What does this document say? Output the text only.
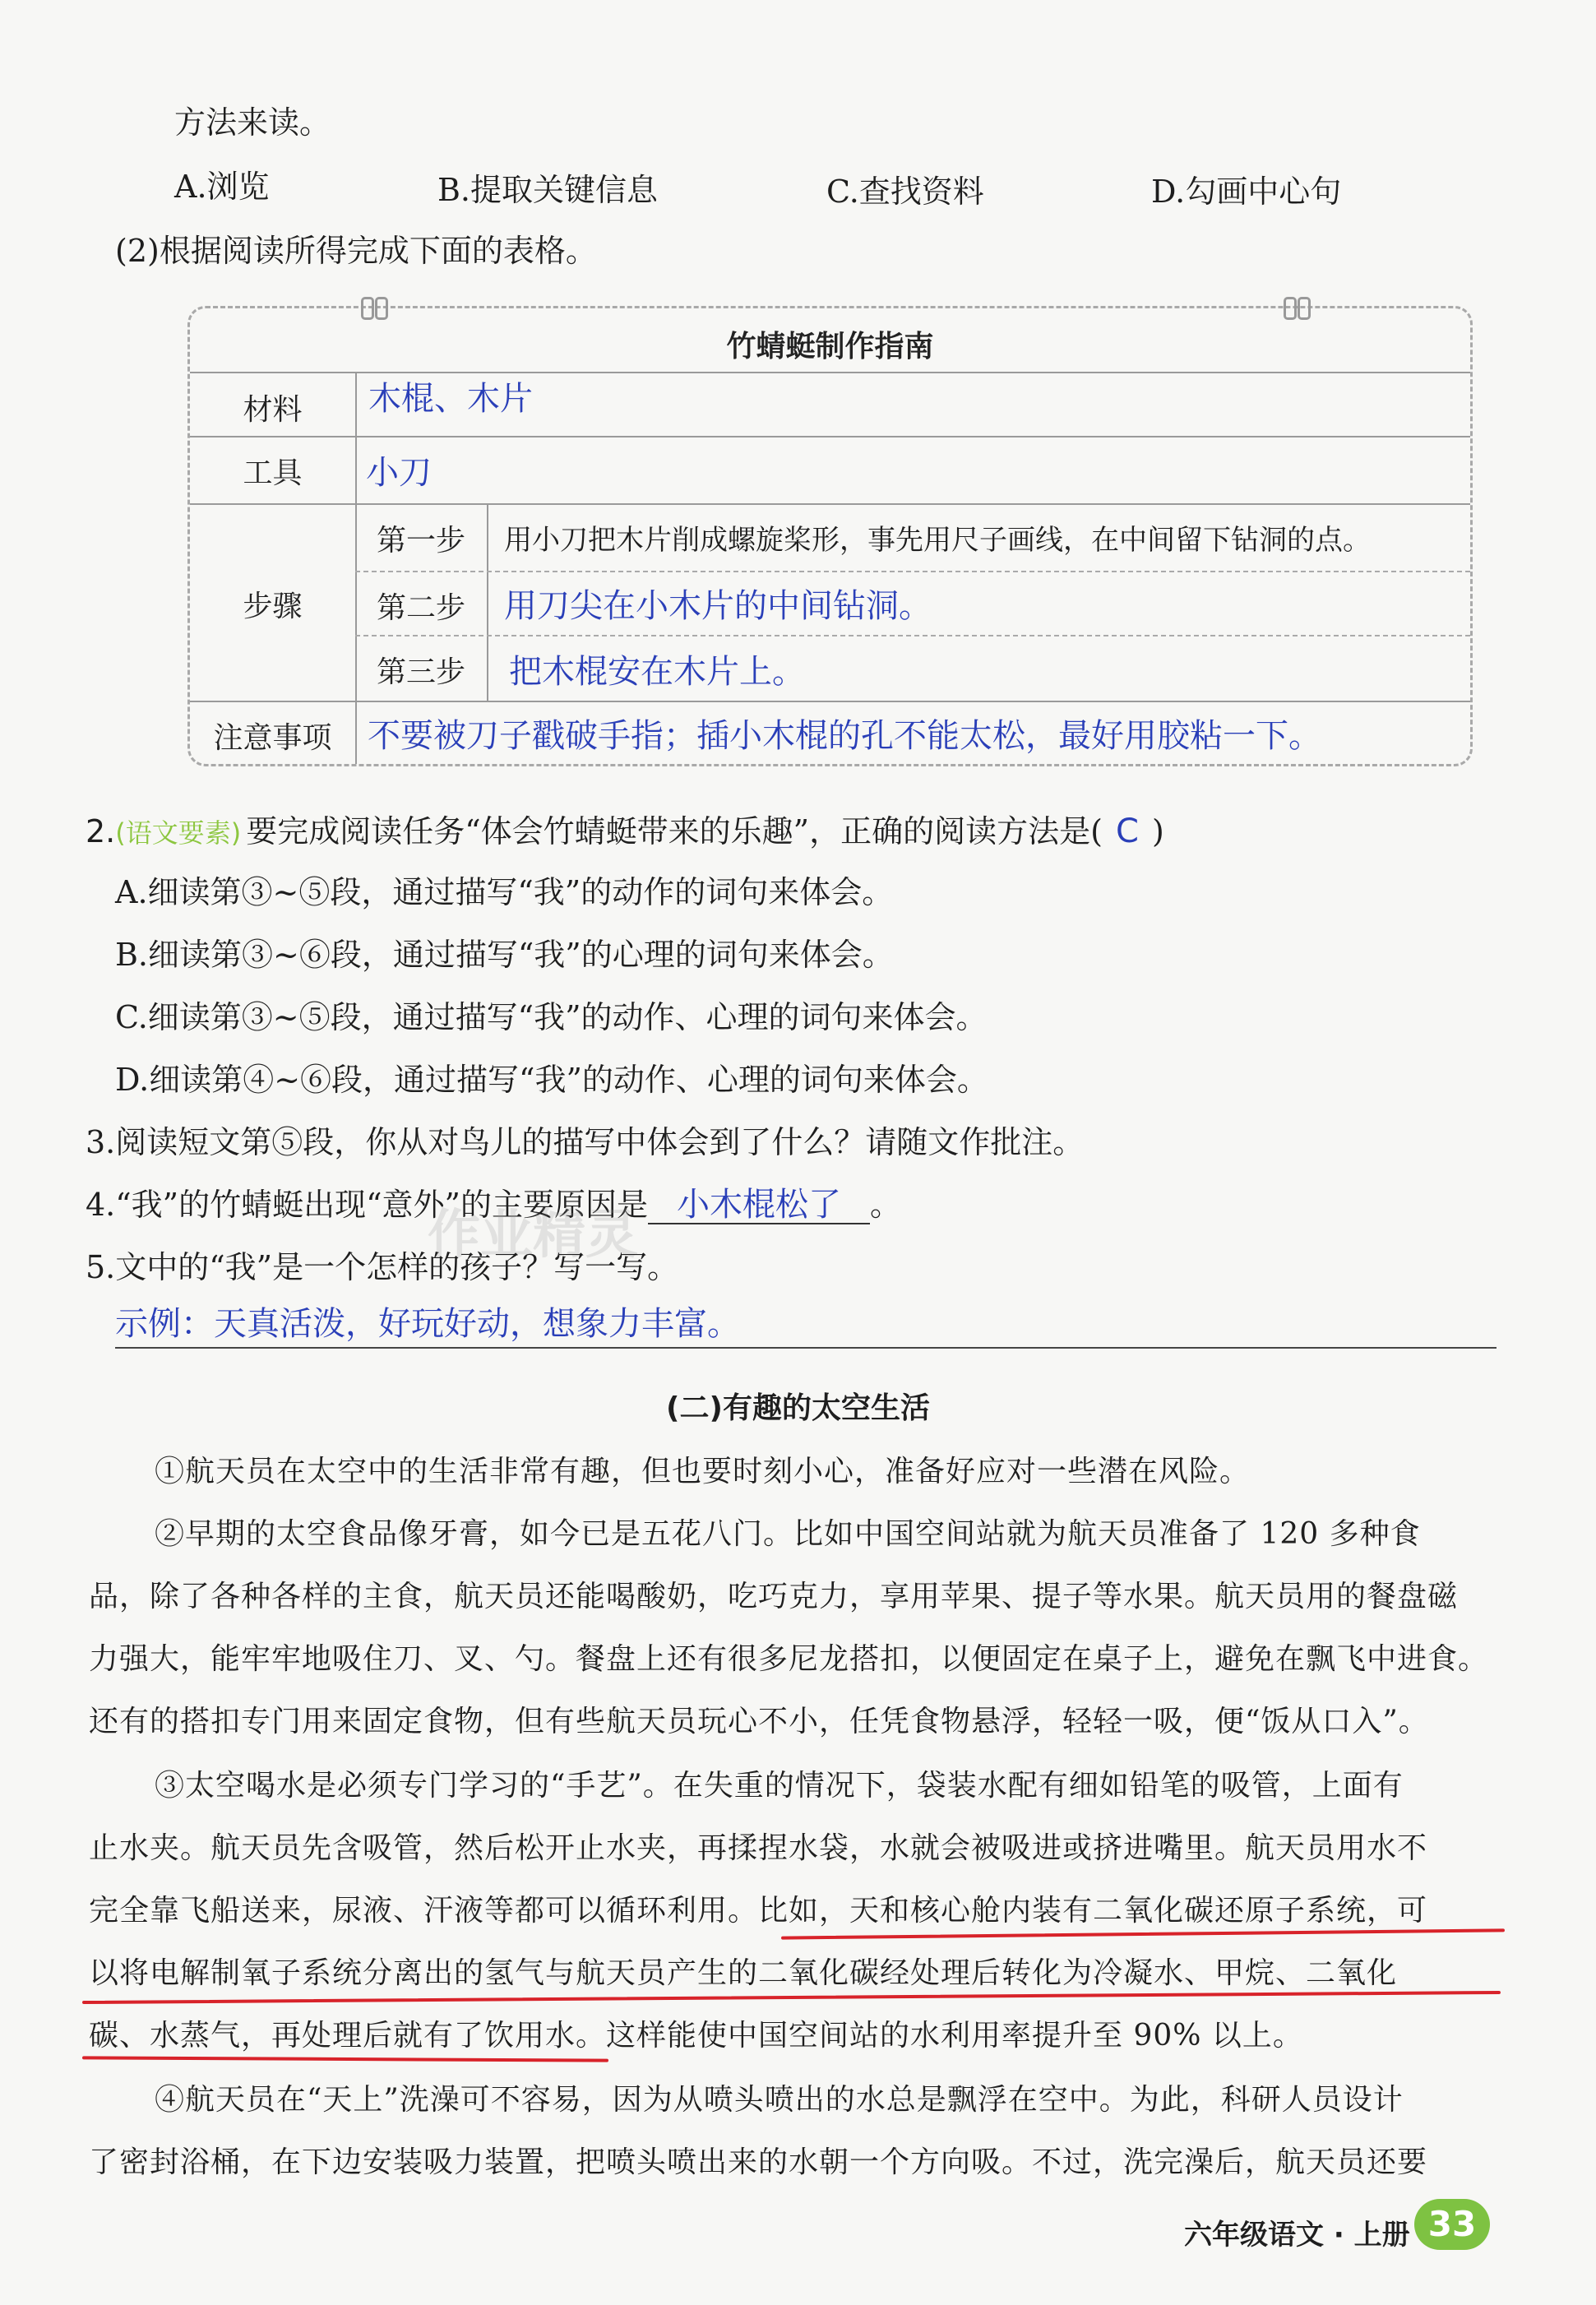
方法来读。
A.浏览	B.提取关键信息	C.查找资料	D.勾画中心句
(2)根据阅读所得完成下面的表格。
竹蜻蜓制作指南
材料	木棍、木片
工具	小刀
步骤
第一步	用小刀把木片削成螺旋桨形，事先用尺子画线，在中间留下钻洞的点。
第二步	用刀尖在小木片的中间钻洞。
第三步	把木棍安在木片上。
注意事项	不要被刀子戳破手指；插小木棍的孔不能太松，最好用胶粘一下。
2.(语文要素) 要完成阅读任务“体会竹蜻蜓带来的乐趣”，正确的阅读方法是( C )
A.细读第③~⑤段，通过描写“我”的动作的词句来体会。
B.细读第③~⑥段，通过描写“我”的心理的词句来体会。
C.细读第③~⑤段，通过描写“我”的动作、心理的词句来体会。
D.细读第④~⑥段，通过描写“我”的动作、心理的词句来体会。
3.阅读短文第⑤段，你从对鸟儿的描写中体会到了什么？请随文作批注。
4.“我”的竹蜻蜓出现“意外”的主要原因是 小木棍松了 。
作业精灵
5.文中的“我”是一个怎样的孩子？写一写。
示例：天真活泼，好玩好动，想象力丰富。
(二)有趣的太空生活
①航天员在太空中的生活非常有趣，但也要时刻小心，准备好应对一些潜在风险。
②早期的太空食品像牙膏，如今已是五花八门。比如中国空间站就为航天员准备了 120 多种食
品，除了各种各样的主食，航天员还能喝酸奶，吃巧克力，享用苹果、提子等水果。航天员用的餐盘磁
力强大，能牢牢地吸住刀、叉、勺。餐盘上还有很多尼龙搭扣，以便固定在桌子上，避免在飘飞中进食。
还有的搭扣专门用来固定食物，但有些航天员玩心不小，任凭食物悬浮，轻轻一吸，便“饭从口入”。
③太空喝水是必须专门学习的“手艺”。在失重的情况下，袋装水配有细如铅笔的吸管，上面有
止水夹。航天员先含吸管，然后松开止水夹，再揉捏水袋，水就会被吸进或挤进嘴里。航天员用水不
完全靠飞船送来，尿液、汗液等都可以循环利用。比如，天和核心舱内装有二氧化碳还原子系统，可
以将电解制氧子系统分离出的氢气与航天员产生的二氧化碳经处理后转化为冷凝水、甲烷、二氧化
碳、水蒸气，再处理后就有了饮用水。这样能使中国空间站的水利用率提升至 90% 以上。
④航天员在“天上”洗澡可不容易，因为从喷头喷出的水总是飘浮在空中。为此，科研人员设计
了密封浴桶，在下边安装吸力装置，把喷头喷出来的水朝一个方向吸。不过，洗完澡后，航天员还要
六年级语文 · 上册 33
